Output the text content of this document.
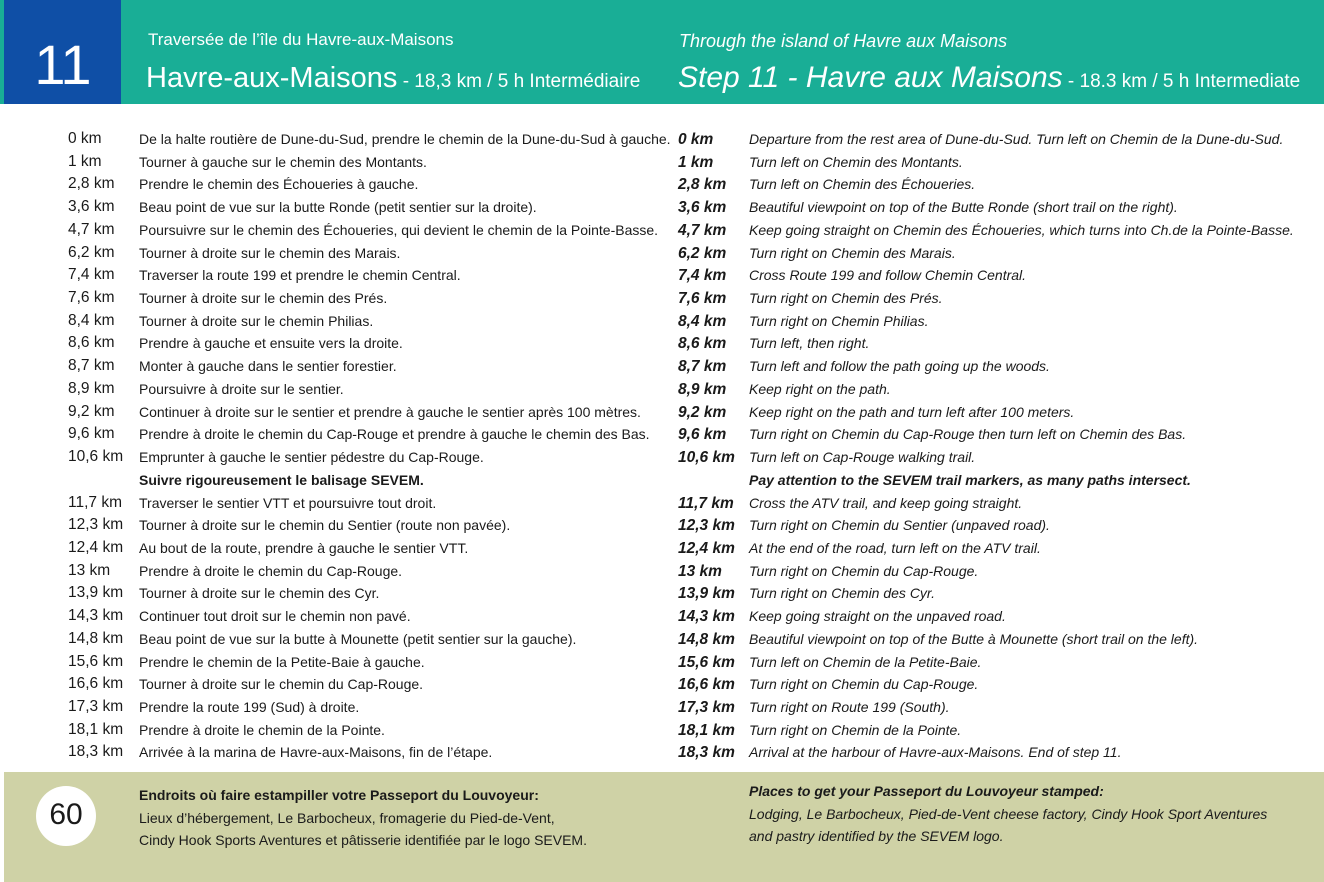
11	Traversée de l’île du Havre-aux-Maisons
Havre-aux-Maisons - 18,3 km / 5 h Intermédiaire
Through the island of Havre aux Maisons
Step 11 - Havre aux Maisons - 18.3 km / 5 h Intermediate
0 km	De la halte routière de Dune-du-Sud, prendre le chemin de la Dune-du-Sud à gauche. 0 km	Departure from the rest area of Dune-du-Sud. Turn left on Chemin de la Dune-du-Sud.
1 km	Tourner à gauche sur le chemin des Montants.	1 km	Turn left on Chemin des Montants.
2,8 km Prendre le chemin des Échoueries à gauche.	2,8 km Turn left on Chemin des Échoueries.
3,6 km Beau point de vue sur la butte Ronde (petit sentier sur la droite).	3,6 km Beautiful viewpoint on top of the Butte Ronde (short trail on the right).
4,7 km Poursuivre sur le chemin des Échoueries, qui devient le chemin de la Pointe-Basse. 4,7 km Keep going straight on Chemin des Échoueries, which turns into Ch.de la Pointe-Basse.
6,2 km Tourner à droite sur le chemin des Marais.	6,2 km Turn right on Chemin des Marais.
7,4 km Traverser la route 199 et prendre le chemin Central.	7,4 km Cross Route 199 and follow Chemin Central.
7,6 km Tourner à droite sur le chemin des Prés.	7,6 km Turn right on Chemin des Prés.
8,4 km Tourner à droite sur le chemin Philias.	8,4 km Turn right on Chemin Philias.
8,6 km Prendre à gauche et ensuite vers la droite.	8,6 km Turn left, then right.
8,7 km Monter à gauche dans le sentier forestier.	8,7 km Turn left and follow the path going up the woods.
8,9 km Poursuivre à droite sur le sentier.	8,9 km Keep right on the path.
9,2 km Continuer à droite sur le sentier et prendre à gauche le sentier après 100 mètres. 9,2 km Keep right on the path and turn left after 100 meters.
9,6 km Prendre à droite le chemin du Cap-Rouge et prendre à gauche le chemin des Bas. 9,6 km Turn right on Chemin du Cap-Rouge then turn left on Chemin des Bas.
10,6 km Emprunter à gauche le sentier pédestre du Cap-Rouge.	10,6 km Turn left on Cap-Rouge walking trail.
Suivre rigoureusement le balisage SEVEM.	Pay attention to the SEVEM trail markers, as many paths intersect.
11,7 km Traverser le sentier VTT et poursuivre tout droit.	11,7 km Cross the ATV trail, and keep going straight.
12,3 km Tourner à droite sur le chemin du Sentier (route non pavée).	12,3 km Turn right on Chemin du Sentier (unpaved road).
12,4 km Au bout de la route, prendre à gauche le sentier VTT.	12,4 km At the end of the road, turn left on the ATV trail.
13 km Prendre à droite le chemin du Cap-Rouge.	13 km Turn right on Chemin du Cap-Rouge.
13,9 km Tourner à droite sur le chemin des Cyr.	13,9 km Turn right on Chemin des Cyr.
14,3 km Continuer tout droit sur le chemin non pavé.	14,3 km Keep going straight on the unpaved road.
14,8 km Beau point de vue sur la butte à Mounette (petit sentier sur la gauche).	14,8 km Beautiful viewpoint on top of the Butte à Mounette (short trail on the left).
15,6 km Prendre le chemin de la Petite-Baie à gauche.	15,6 km Turn left on Chemin de la Petite-Baie.
16,6 km Tourner à droite sur le chemin du Cap-Rouge.	16,6 km Turn right on Chemin du Cap-Rouge.
17,3 km Prendre la route 199 (Sud) à droite.	17,3 km Turn right on Route 199 (South).
18,1 km Prendre à droite le chemin de la Pointe.	18,1 km Turn right on Chemin de la Pointe.
18,3 km Arrivée à la marina de Havre-aux-Maisons, fin de l’étape.	18,3 km Arrival at the harbour of Havre-aux-Maisons. End of step 11.
60
Endroits où faire estampiller votre Passeport du Louvoyeur:
Lieux d’hébergement, Le Barbocheux, fromagerie du Pied-de-Vent,
Cindy Hook Sports Aventures et pâtisserie identifiée par le logo SEVEM.
Places to get your Passeport du Louvoyeur stamped:
Lodging, Le Barbocheux, Pied-de-Vent cheese factory, Cindy Hook Sport Aventures
and pastry identified by the SEVEM logo.
